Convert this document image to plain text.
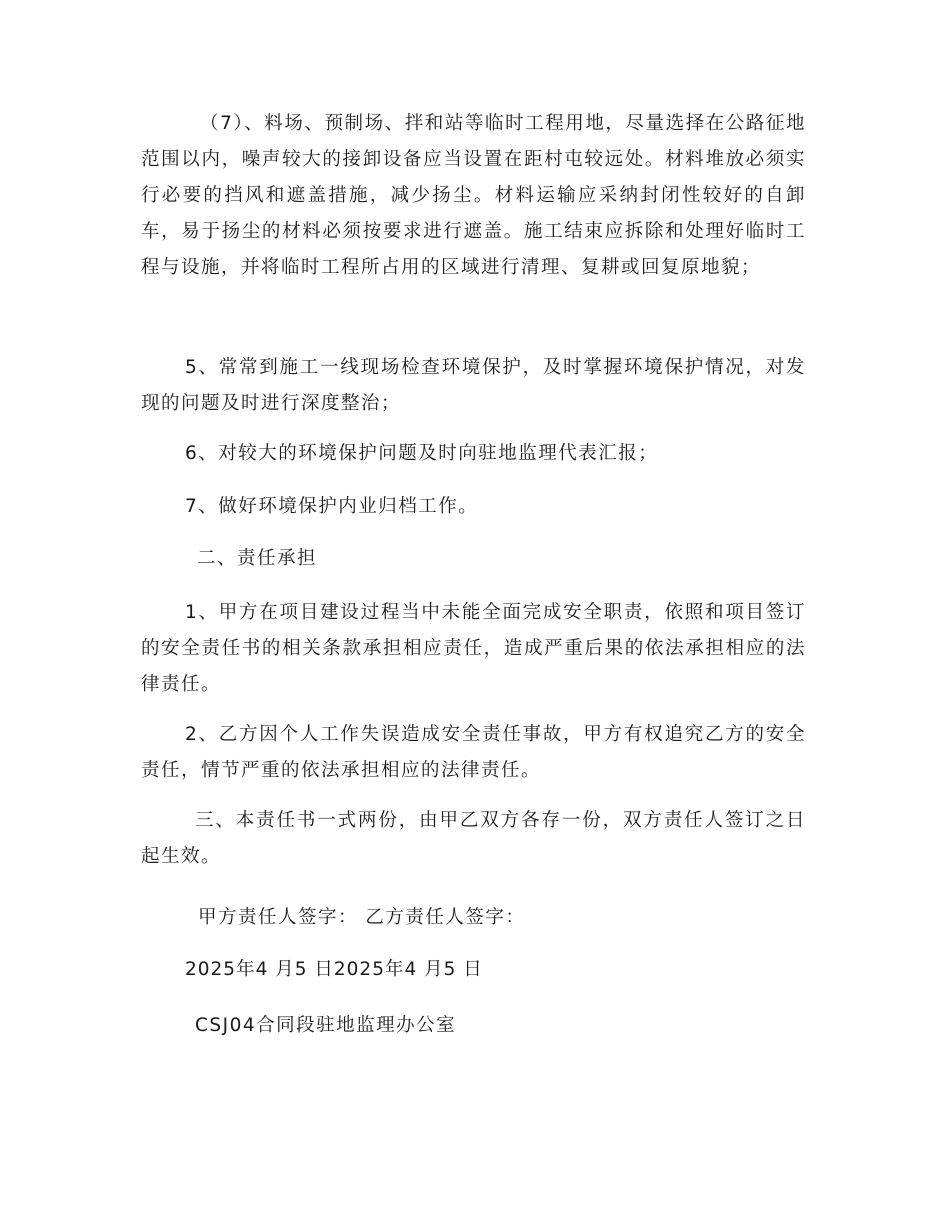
（7）、料场、预制场、拌和站等临时工程用地，尽量选择在公路征地范围以内，噪声较大的接卸设备应当设置在距村屯较远处。材料堆放必须实行必要的挡风和遮盖措施，减少扬尘。材料运输应采纳封闭性较好的自卸车，易于扬尘的材料必须按要求进行遮盖。施工结束应拆除和处理好临时工程与设施，并将临时工程所占用的区域进行清理、复耕或回复原地貌；

5、常常到施工一线现场检查环境保护，及时掌握环境保护情况，对发现的问题及时进行深度整治；

6、对较大的环境保护问题及时向驻地监理代表汇报；

7、做好环境保护内业归档工作。

二、责任承担

1、甲方在项目建设过程当中未能全面完成安全职责，依照和项目签订的安全责任书的相关条款承担相应责任，造成严重后果的依法承担相应的法律责任。

2、乙方因个人工作失误造成安全责任事故，甲方有权追究乙方的安全责任，情节严重的依法承担相应的法律责任。

三、本责任书一式两份，由甲乙双方各存一份，双方责任人签订之日起生效。

甲方责任人签字： 乙方责任人签字：

2025年4 月5 日2025年4 月5 日

CSJ04合同段驻地监理办公室
